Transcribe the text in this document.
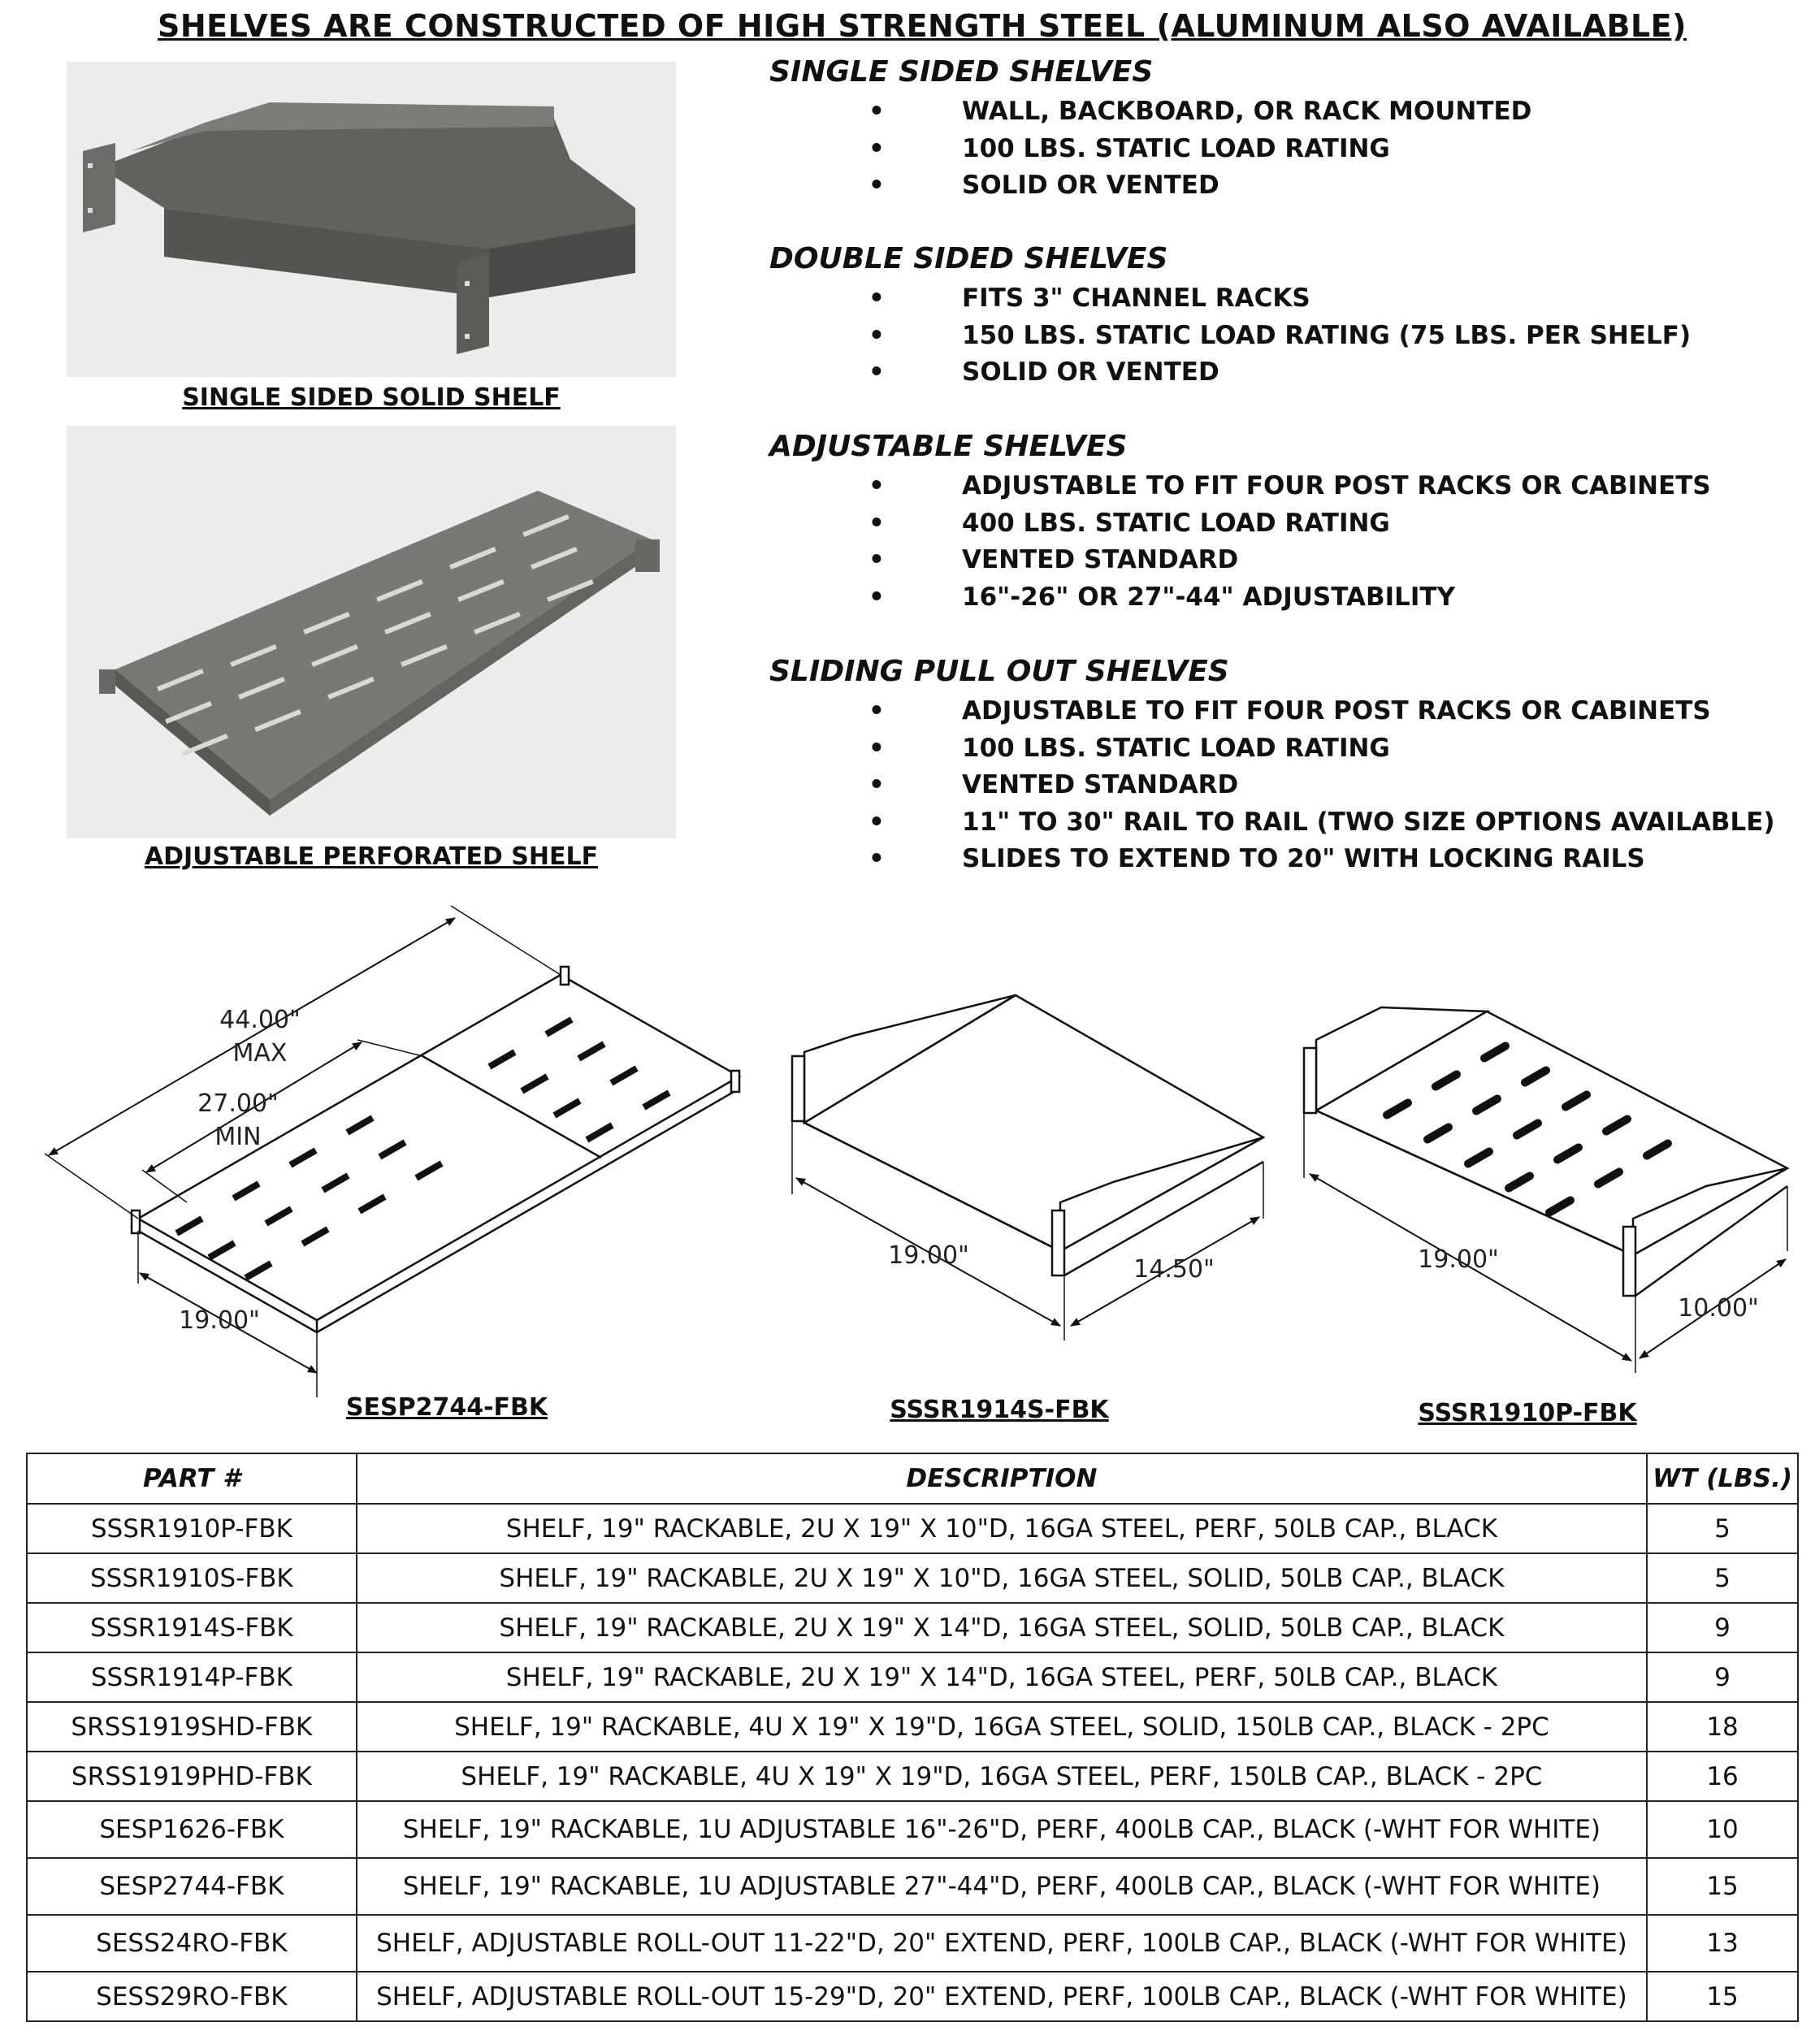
SHELVES ARE CONSTRUCTED OF HIGH STRENGTH STEEL (ALUMINUM ALSO AVAILABLE)
SINGLE SIDED SOLID SHELF
ADJUSTABLE PERFORATED SHELF
SINGLE SIDED SHELVES
• WALL, BACKBOARD, OR RACK MOUNTED
• 100 LBS. STATIC LOAD RATING
• SOLID OR VENTED
DOUBLE SIDED SHELVES
• FITS 3" CHANNEL RACKS
• 150 LBS. STATIC LOAD RATING (75 LBS. PER SHELF)
• SOLID OR VENTED
ADJUSTABLE SHELVES
• ADJUSTABLE TO FIT FOUR POST RACKS OR CABINETS
• 400 LBS. STATIC LOAD RATING
• VENTED STANDARD
• 16"-26" OR 27"-44" ADJUSTABILITY
SLIDING PULL OUT SHELVES
• ADJUSTABLE TO FIT FOUR POST RACKS OR CABINETS
• 100 LBS. STATIC LOAD RATING
• VENTED STANDARD
• 11" TO 30" RAIL TO RAIL (TWO SIZE OPTIONS AVAILABLE)
• SLIDES TO EXTEND TO 20" WITH LOCKING RAILS
44.00"
MAX
27.00"
MIN
19.00"
19.00"	14.50"	19.00"
10.00"
SESP2744-FBK	SSSR1914S-FBK	SSSR1910P-FBK
PART #	DESCRIPTION	WT (LBS.)
SSSR1910P-FBK	SHELF, 19" RACKABLE, 2U X 19" X 10"D, 16GA STEEL, PERF, 50LB CAP., BLACK	5
SSSR1910S-FBK	SHELF, 19" RACKABLE, 2U X 19" X 10"D, 16GA STEEL, SOLID, 50LB CAP., BLACK	5
SSSR1914S-FBK	SHELF, 19" RACKABLE, 2U X 19" X 14"D, 16GA STEEL, SOLID, 50LB CAP., BLACK	9
SSSR1914P-FBK	SHELF, 19" RACKABLE, 2U X 19" X 14"D, 16GA STEEL, PERF, 50LB CAP., BLACK	9
SRSS1919SHD-FBK	SHELF, 19" RACKABLE, 4U X 19" X 19"D, 16GA STEEL, SOLID, 150LB CAP., BLACK - 2PC	18
SRSS1919PHD-FBK	SHELF, 19" RACKABLE, 4U X 19" X 19"D, 16GA STEEL, PERF, 150LB CAP., BLACK - 2PC	16
SESP1626-FBK	SHELF, 19" RACKABLE, 1U ADJUSTABLE 16"-26"D, PERF, 400LB CAP., BLACK (-WHT FOR WHITE)	10
SESP2744-FBK	SHELF, 19" RACKABLE, 1U ADJUSTABLE 27"-44"D, PERF, 400LB CAP., BLACK (-WHT FOR WHITE)	15
SESS24RO-FBK	SHELF, ADJUSTABLE ROLL-OUT 11-22"D, 20" EXTEND, PERF, 100LB CAP., BLACK (-WHT FOR WHITE)	13
SESS29RO-FBK	SHELF, ADJUSTABLE ROLL-OUT 15-29"D, 20" EXTEND, PERF, 100LB CAP., BLACK (-WHT FOR WHITE)	15
